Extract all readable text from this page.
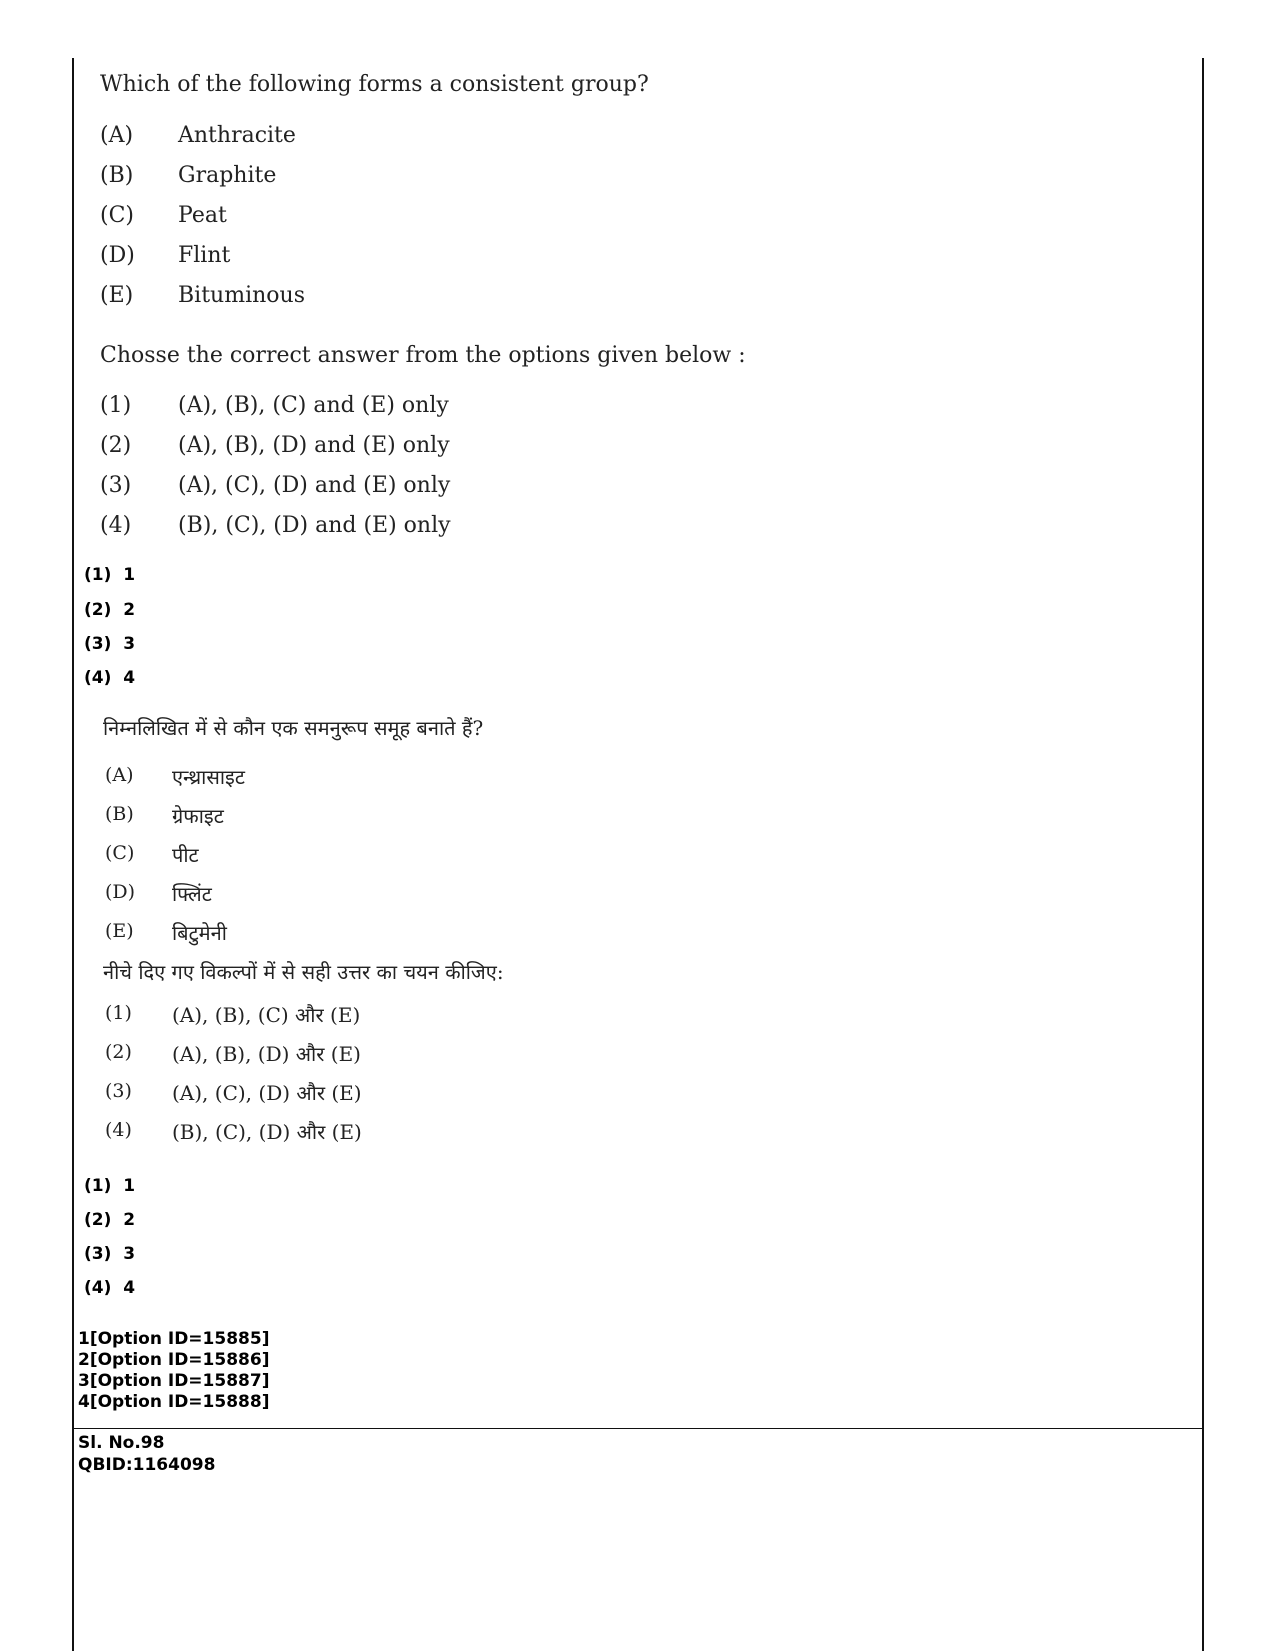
Which of the following forms a consistent group?
(A) Anthracite
(B) Graphite
(C) Peat
(D) Flint
(E) Bituminous
Chosse the correct answer from the options given below :
(1) (A), (B), (C) and (E) only
(2) (A), (B), (D) and (E) only
(3) (A), (C), (D) and (E) only
(4) (B), (C), (D) and (E) only
(1) 1
(2) 2
(3) 3
(4) 4
निम्नलिखित में से कौन एक समनुरूप समूह बनाते हैं?
(A) एन्थ्रासाइट
(B) ग्रेफाइट
(C) पीट
(D) फ्लिंट
(E) बिटुमेनी
नीचे दिए गए विकल्पों में से सही उत्तर का चयन कीजिए:
(1) (A), (B), (C) और (E)
(2) (A), (B), (D) और (E)
(3) (A), (C), (D) और (E)
(4) (B), (C), (D) और (E)
(1) 1
(2) 2
(3) 3
(4) 4
1[Option ID=15885]
2[Option ID=15886]
3[Option ID=15887]
4[Option ID=15888]
Sl. No.98
QBID:1164098
